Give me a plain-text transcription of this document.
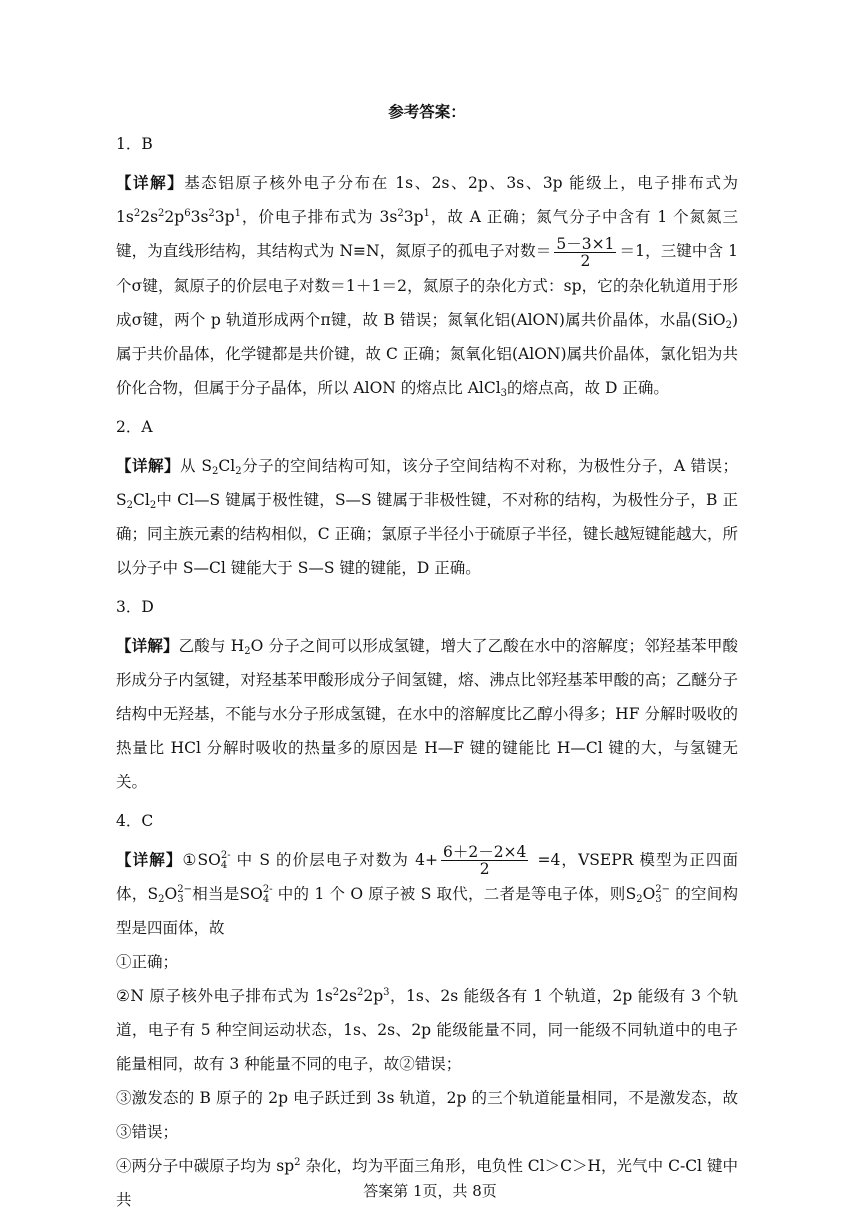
参考答案：
1．B
【详解】基态铝原子核外电子分布在 1s、2s、2p、3s、3p 能级上，电子排布式为 $1s^22s^22p^63s^23p^1$，价电子排布式为 $3s^23p^1$，故 A 正确；氮气分子中含有 1 个氮氮三键，为直线形结构，其结构式为 N≡N，氮原子的孤电子对数＝ $\frac{5-3\times 1}{2} =1$，三键中含 1 个σ键，氮原子的价层电子对数＝1＋1＝2，氮原子的杂化方式：sp，它的杂化轨道用于形成σ键，两个 p 轨道形成两个π键，故 B 错误；氮氧化铝(AlON)属共价晶体，水晶(SiO$_2$)属于共价晶体，化学键都是共价键，故 C 正确；氮氧化铝(AlON)属共价晶体，氯化铝为共价化合物，但属于分子晶体，所以 AlON 的熔点比 AlCl$_3$的熔点高，故 D 正确。
2．A
【详解】从 $S_2Cl_2$分子的空间结构可知，该分子空间结构不对称，为极性分子，A 错误；$S_2Cl_2$中 Cl—S 键属于极性键，S—S 键属于非极性键，不对称的结构，为极性分子，B 正确；同主族元素的结构相似，C 正确；氯原子半径小于硫原子半径，键长越短键能越大，所以分子中 S—Cl 键能大于 S—S 键的键能，D 正确。
3．D
【详解】乙酸与 $H_2O$ 分子之间可以形成氢键，增大了乙酸在水中的溶解度；邻羟基苯甲酸形成分子内氢键，对羟基苯甲酸形成分子间氢键，熔、沸点比邻羟基苯甲酸的高；乙醚分子结构中无羟基，不能与水分子形成氢键，在水中的溶解度比乙醇小得多；HF 分解时吸收的热量比 HCl 分解时吸收的热量多的原因是 H—F 键的键能比 H—Cl 键的大，与氢键无关。
4．C
【详解】①SO 2-
4 中 S 的价层电子对数为 $4+ \frac{6+2-2\times 4}{2} =4$，VSEPR 模型为正四面体，$S_2O$ 2−
3 相当是SO 2-
4 中的 1 个 O 原子被 S 取代，二者是等电子体，则$S_2O$ 2−
3 的空间构型是四面体，故
①正确；
②N 原子核外电子排布式为 $1s^22s^22p^3$，1s、2s 能级各有 1 个轨道，2p 能级有 3 个轨道，电子有 5 种空间运动状态，1s、2s、2p 能级能量不同，同一能级不同轨道中的电子能量相同，故有 3 种能量不同的电子，故②错误；
③激发态的 B 原子的 2p 电子跃迁到 3s 轨道，2p 的三个轨道能量相同，不是激发态，故③错误；
④两分子中碳原子均为 $sp^2$ 杂化，均为平面三角形，电负性 Cl＞C＞H，光气中 C-Cl 键中共	答案第 1页，共 8页
